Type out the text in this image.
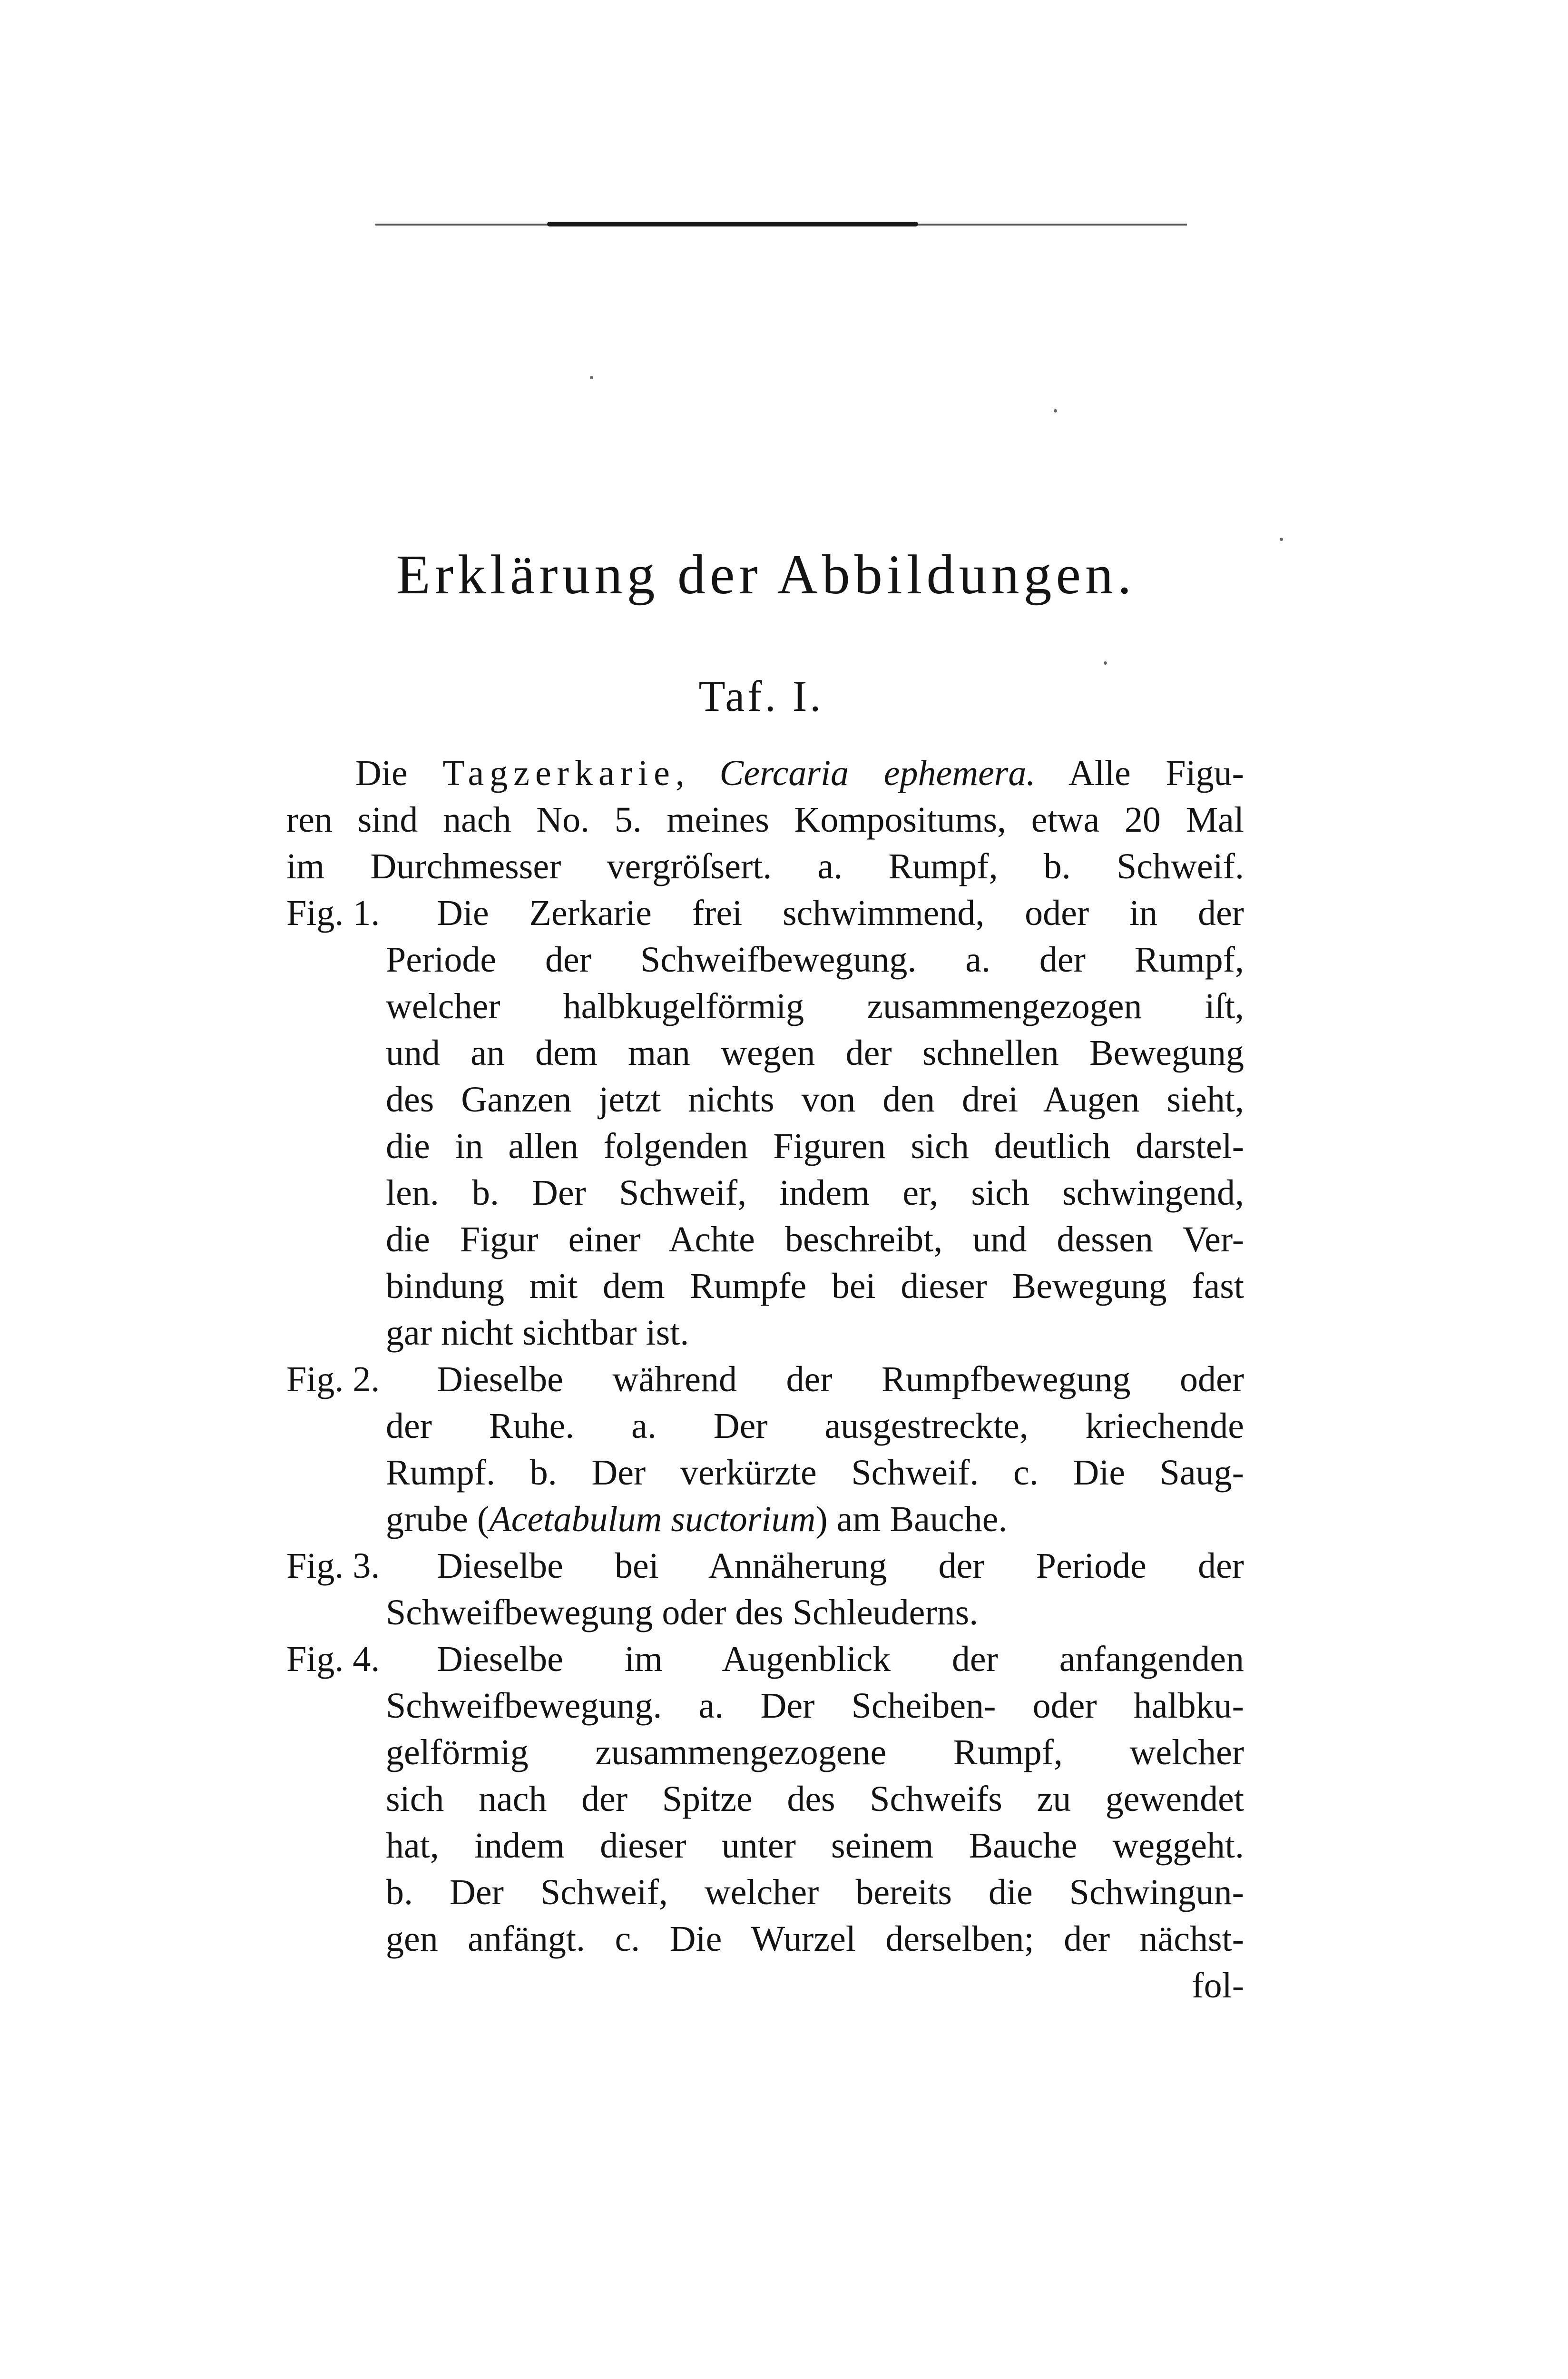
Erklärung der Abbildungen.
Taf. I.
Die Tagzerkarie, Cercaria ephemera. Alle Figu-
ren sind nach No. 5. meines Kompositums, etwa 20 Mal
im Durchmesser vergröſsert. a. Rumpf, b. Schweif.
Fig. 1.	Die Zerkarie frei schwimmend, oder in der
Periode der Schweifbewegung. a. der Rumpf,
welcher halbkugelförmig zusammengezogen iſt,
und an dem man wegen der schnellen Bewegung
des Ganzen jetzt nichts von den drei Augen sieht,
die in allen folgenden Figuren sich deutlich darstel-
len. b. Der Schweif, indem er, sich schwingend,
die Figur einer Achte beschreibt, und dessen Ver-
bindung mit dem Rumpfe bei dieser Bewegung fast
gar nicht sichtbar ist.
Fig. 2.	Dieselbe während der Rumpfbewegung oder
der Ruhe. a. Der ausgestreckte, kriechende
Rumpf. b. Der verkürzte Schweif. c. Die Saug-
grube (Acetabulum suctorium) am Bauche.
Fig. 3.	Dieselbe bei Annäherung der Periode der
Schweifbewegung oder des Schleuderns.
Fig. 4.	Dieselbe im Augenblick der anfangenden
Schweifbewegung. a. Der Scheiben- oder halbku-
gelförmig zusammengezogene Rumpf, welcher
sich nach der Spitze des Schweifs zu gewendet
hat, indem dieser unter seinem Bauche weggeht.
b. Der Schweif, welcher bereits die Schwingun-
gen anfängt. c. Die Wurzel derselben; der nächst-
fol-
